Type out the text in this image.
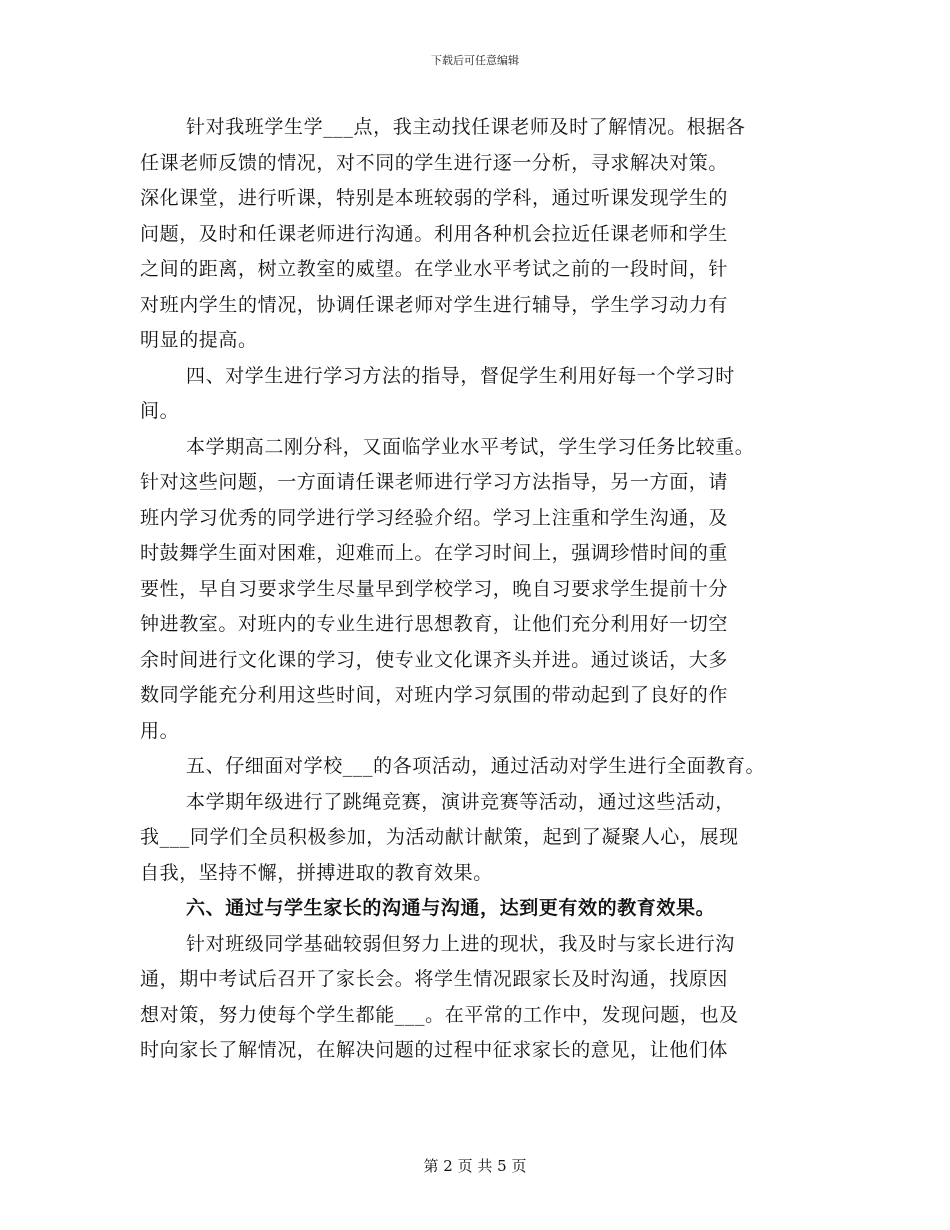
下载后可任意编辑
针对我班学生学___点，我主动找任课老师及时了解情况。根据各
任课老师反馈的情况，对不同的学生进行逐一分析，寻求解决对策。
深化课堂，进行听课，特别是本班较弱的学科，通过听课发现学生的
问题，及时和任课老师进行沟通。利用各种机会拉近任课老师和学生
之间的距离，树立教室的威望。在学业水平考试之前的一段时间，针
对班内学生的情况，协调任课老师对学生进行辅导，学生学习动力有
明显的提高。
四、对学生进行学习方法的指导，督促学生利用好每一个学习时
间。
本学期高二刚分科，又面临学业水平考试，学生学习任务比较重。
针对这些问题，一方面请任课老师进行学习方法指导，另一方面，请
班内学习优秀的同学进行学习经验介绍。学习上注重和学生沟通，及
时鼓舞学生面对困难，迎难而上。在学习时间上，强调珍惜时间的重
要性，早自习要求学生尽量早到学校学习，晚自习要求学生提前十分
钟进教室。对班内的专业生进行思想教育，让他们充分利用好一切空
余时间进行文化课的学习，使专业文化课齐头并进。通过谈话，大多
数同学能充分利用这些时间，对班内学习氛围的带动起到了良好的作
用。
五、仔细面对学校___的各项活动，通过活动对学生进行全面教育。
本学期年级进行了跳绳竞赛，演讲竞赛等活动，通过这些活动，
我___同学们全员积极参加，为活动献计献策，起到了凝聚人心，展现
自我，坚持不懈，拼搏进取的教育效果。
六、通过与学生家长的沟通与沟通，达到更有效的教育效果。
针对班级同学基础较弱但努力上进的现状，我及时与家长进行沟
通，期中考试后召开了家长会。将学生情况跟家长及时沟通，找原因
想对策，努力使每个学生都能___。在平常的工作中，发现问题，也及
时向家长了解情况，在解决问题的过程中征求家长的意见，让他们体
第 2 页 共 5 页
